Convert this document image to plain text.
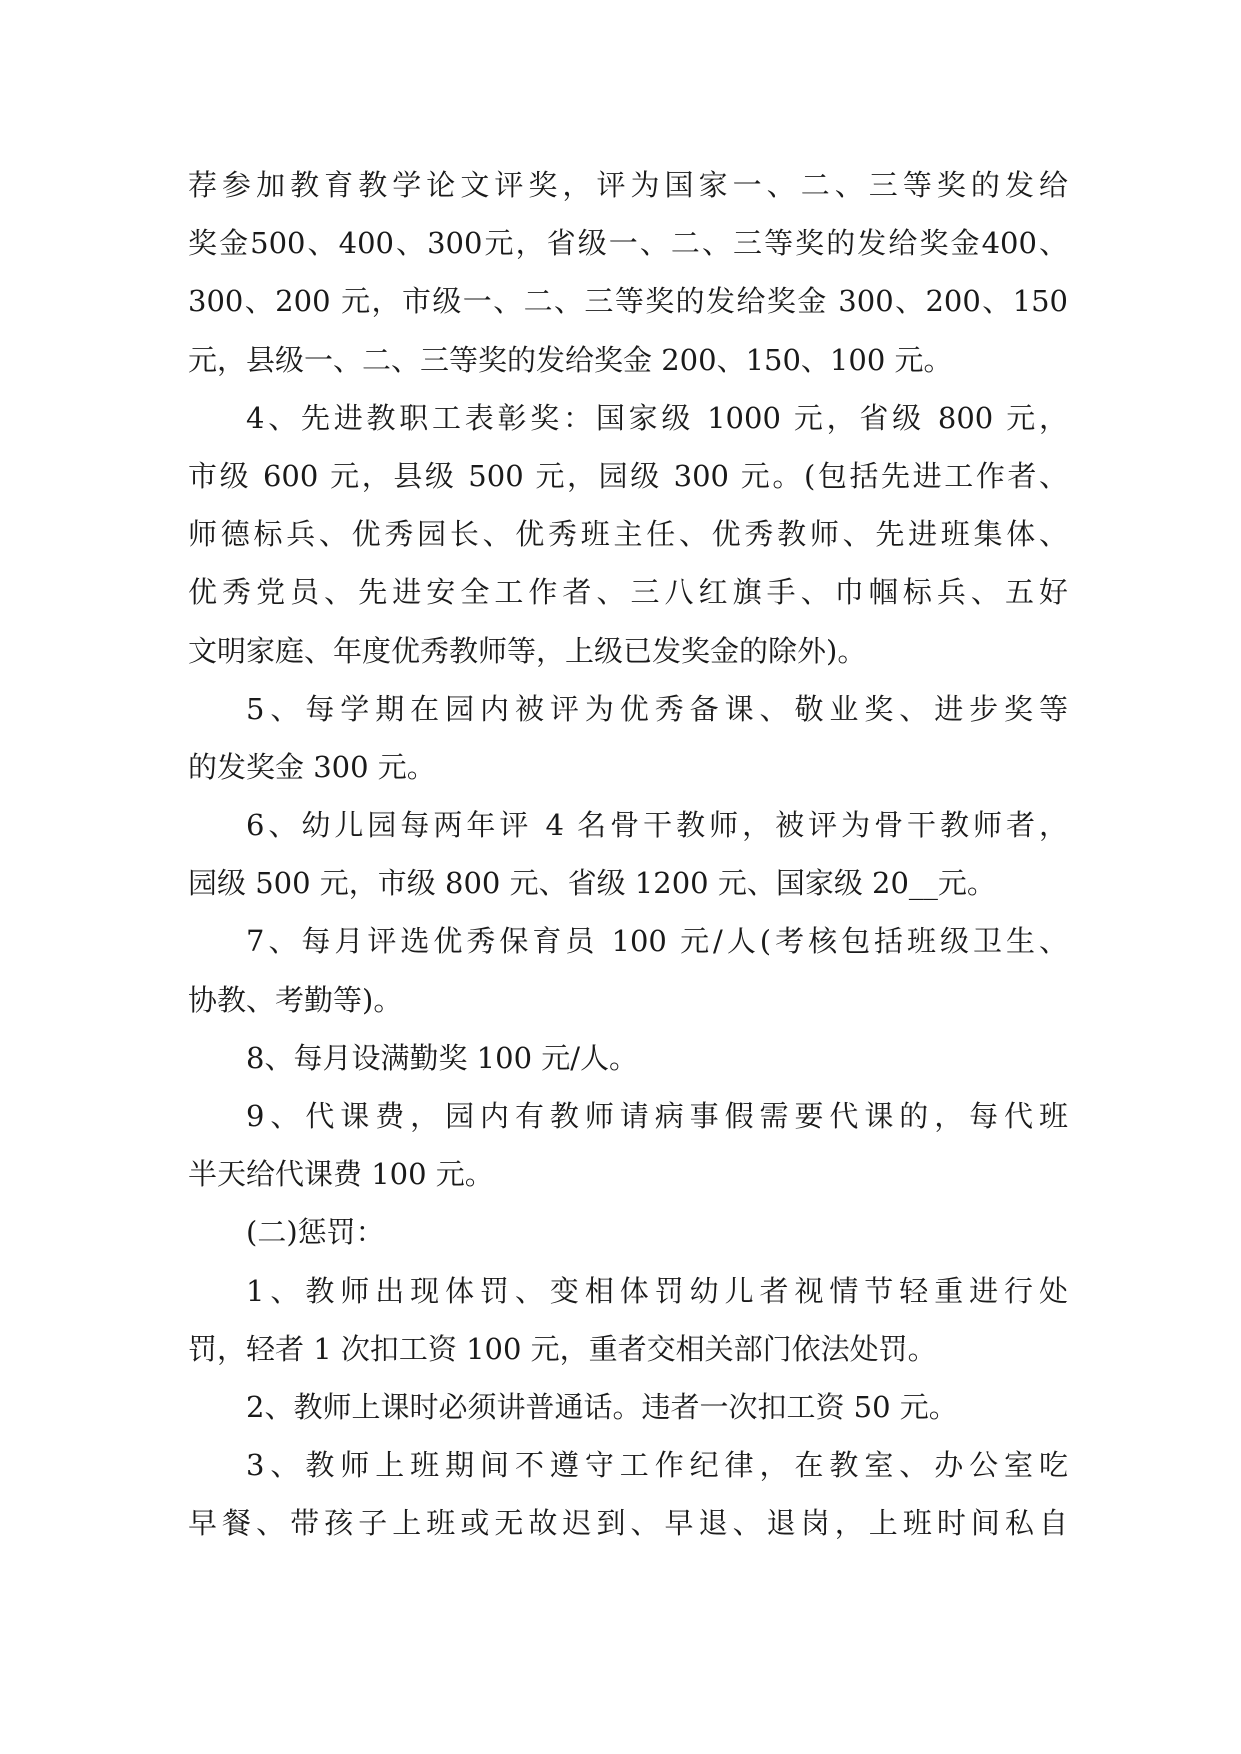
荐参加教育教学论文评奖，评为国家一、二、三等奖的发给
奖金500、400、300元，省级一、二、三等奖的发给奖金400、
300、200 元，市级一、二、三等奖的发给奖金 300、200、150
元，县级一、二、三等奖的发给奖金 200、150、100 元。
4、先进教职工表彰奖：国家级 1000 元，省级 800 元，
市级 600 元，县级 500 元，园级 300 元。(包括先进工作者、
师德标兵、优秀园长、优秀班主任、优秀教师、先进班集体、
优秀党员、先进安全工作者、三八红旗手、巾帼标兵、五好
文明家庭、年度优秀教师等，上级已发奖金的除外)。
5、每学期在园内被评为优秀备课、敬业奖、进步奖等
的发奖金 300 元。
6、幼儿园每两年评 4 名骨干教师，被评为骨干教师者，
园级 500 元，市级 800 元、省级 1200 元、国家级 20__元。
7、每月评选优秀保育员 100 元/人(考核包括班级卫生、
协教、考勤等)。
8、每月设满勤奖 100 元/人。
9、代课费，园内有教师请病事假需要代课的，每代班
半天给代课费 100 元。
(二)惩罚：
1、教师出现体罚、变相体罚幼儿者视情节轻重进行处
罚，轻者 1 次扣工资 100 元，重者交相关部门依法处罚。
2、教师上课时必须讲普通话。违者一次扣工资 50 元。
3、教师上班期间不遵守工作纪律，在教室、办公室吃
早餐、带孩子上班或无故迟到、早退、退岗，上班时间私自
